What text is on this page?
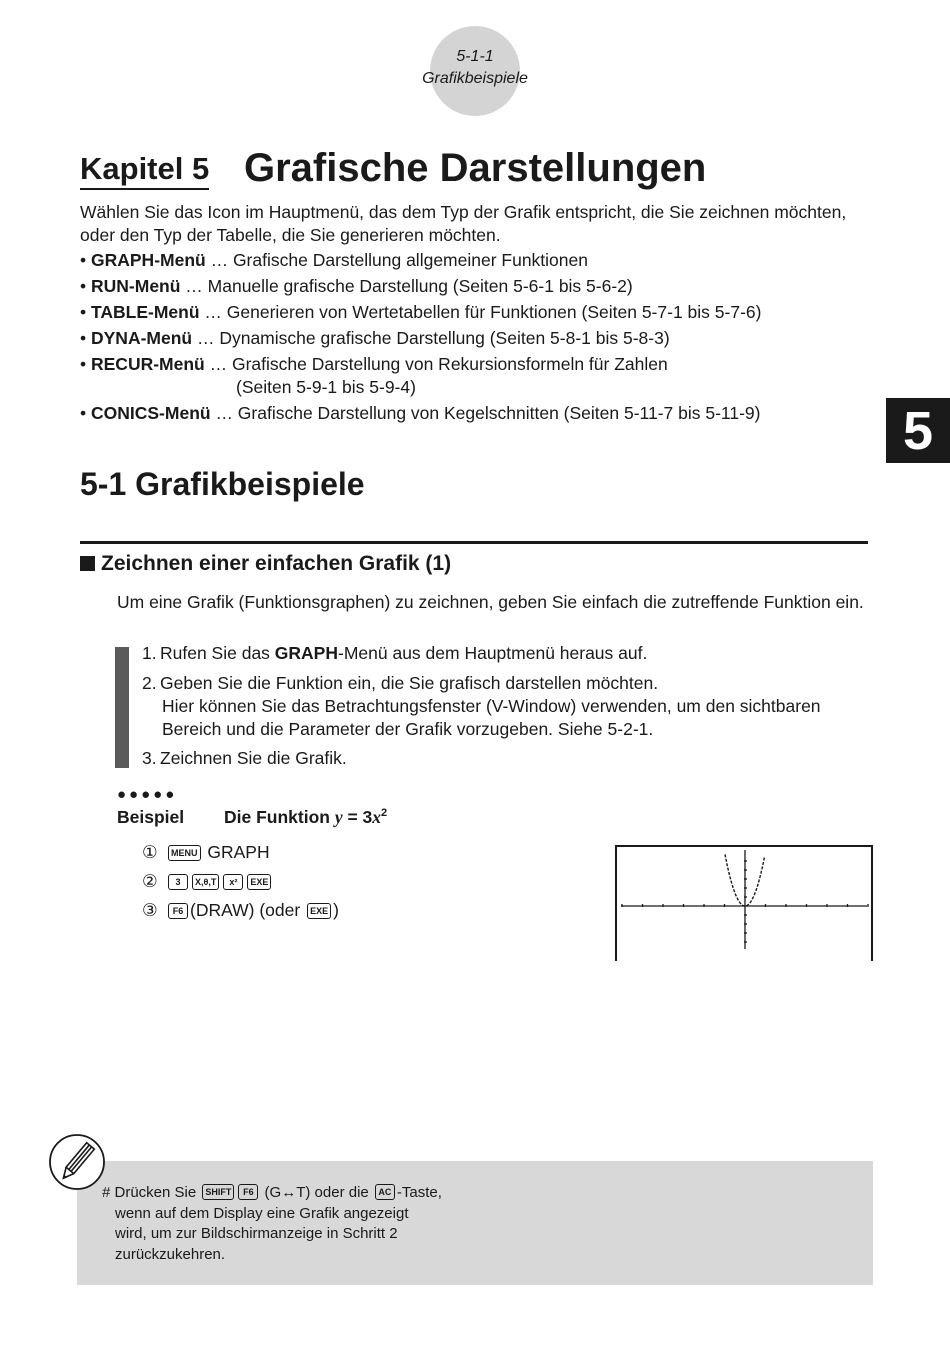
5-1-1
Grafikbeispiele
5
Kapitel 5 Grafische Darstellungen
Wählen Sie das Icon im Hauptmenü, das dem Typ der Grafik entspricht, die Sie zeichnen möchten, oder den Typ der Tabelle, die Sie generieren möchten.
• GRAPH-Menü … Grafische Darstellung allgemeiner Funktionen
• RUN-Menü … Manuelle grafische Darstellung (Seiten 5-6-1 bis 5-6-2)
• TABLE-Menü … Generieren von Wertetabellen für Funktionen (Seiten 5-7-1 bis 5-7-6)
• DYNA-Menü … Dynamische grafische Darstellung (Seiten 5-8-1 bis 5-8-3)
• RECUR-Menü … Grafische Darstellung von Rekursionsformeln für Zahlen
(Seiten 5-9-1 bis 5-9-4)
• CONICS-Menü … Grafische Darstellung von Kegelschnitten (Seiten 5-11-7 bis 5-11-9)
5-1 Grafikbeispiele
Zeichnen einer einfachen Grafik (1)
Um eine Grafik (Funktionsgraphen) zu zeichnen, geben Sie einfach die zutreffende Funktion ein.
1. Rufen Sie das GRAPH-Menü aus dem Hauptmenü heraus auf.
2. Geben Sie die Funktion ein, die Sie grafisch darstellen möchten.
Hier können Sie das Betrachtungsfenster (V-Window) verwenden, um den sichtbaren
Bereich und die Parameter der Grafik vorzugeben. Siehe 5-2-1.
3. Zeichnen Sie die Grafik.
●●●●●
Beispiel Die Funktion $y = 3x^2$
① MENU GRAPH
② 3 X,θ,T x² EXE
③ F6 (DRAW) (oder EXE )
# Drücken Sie SHIFT F6 (G↔T) oder die AC -Taste,
wenn auf dem Display eine Grafik angezeigt
wird, um zur Bildschirmanzeige in Schritt 2
zurückzukehren.
